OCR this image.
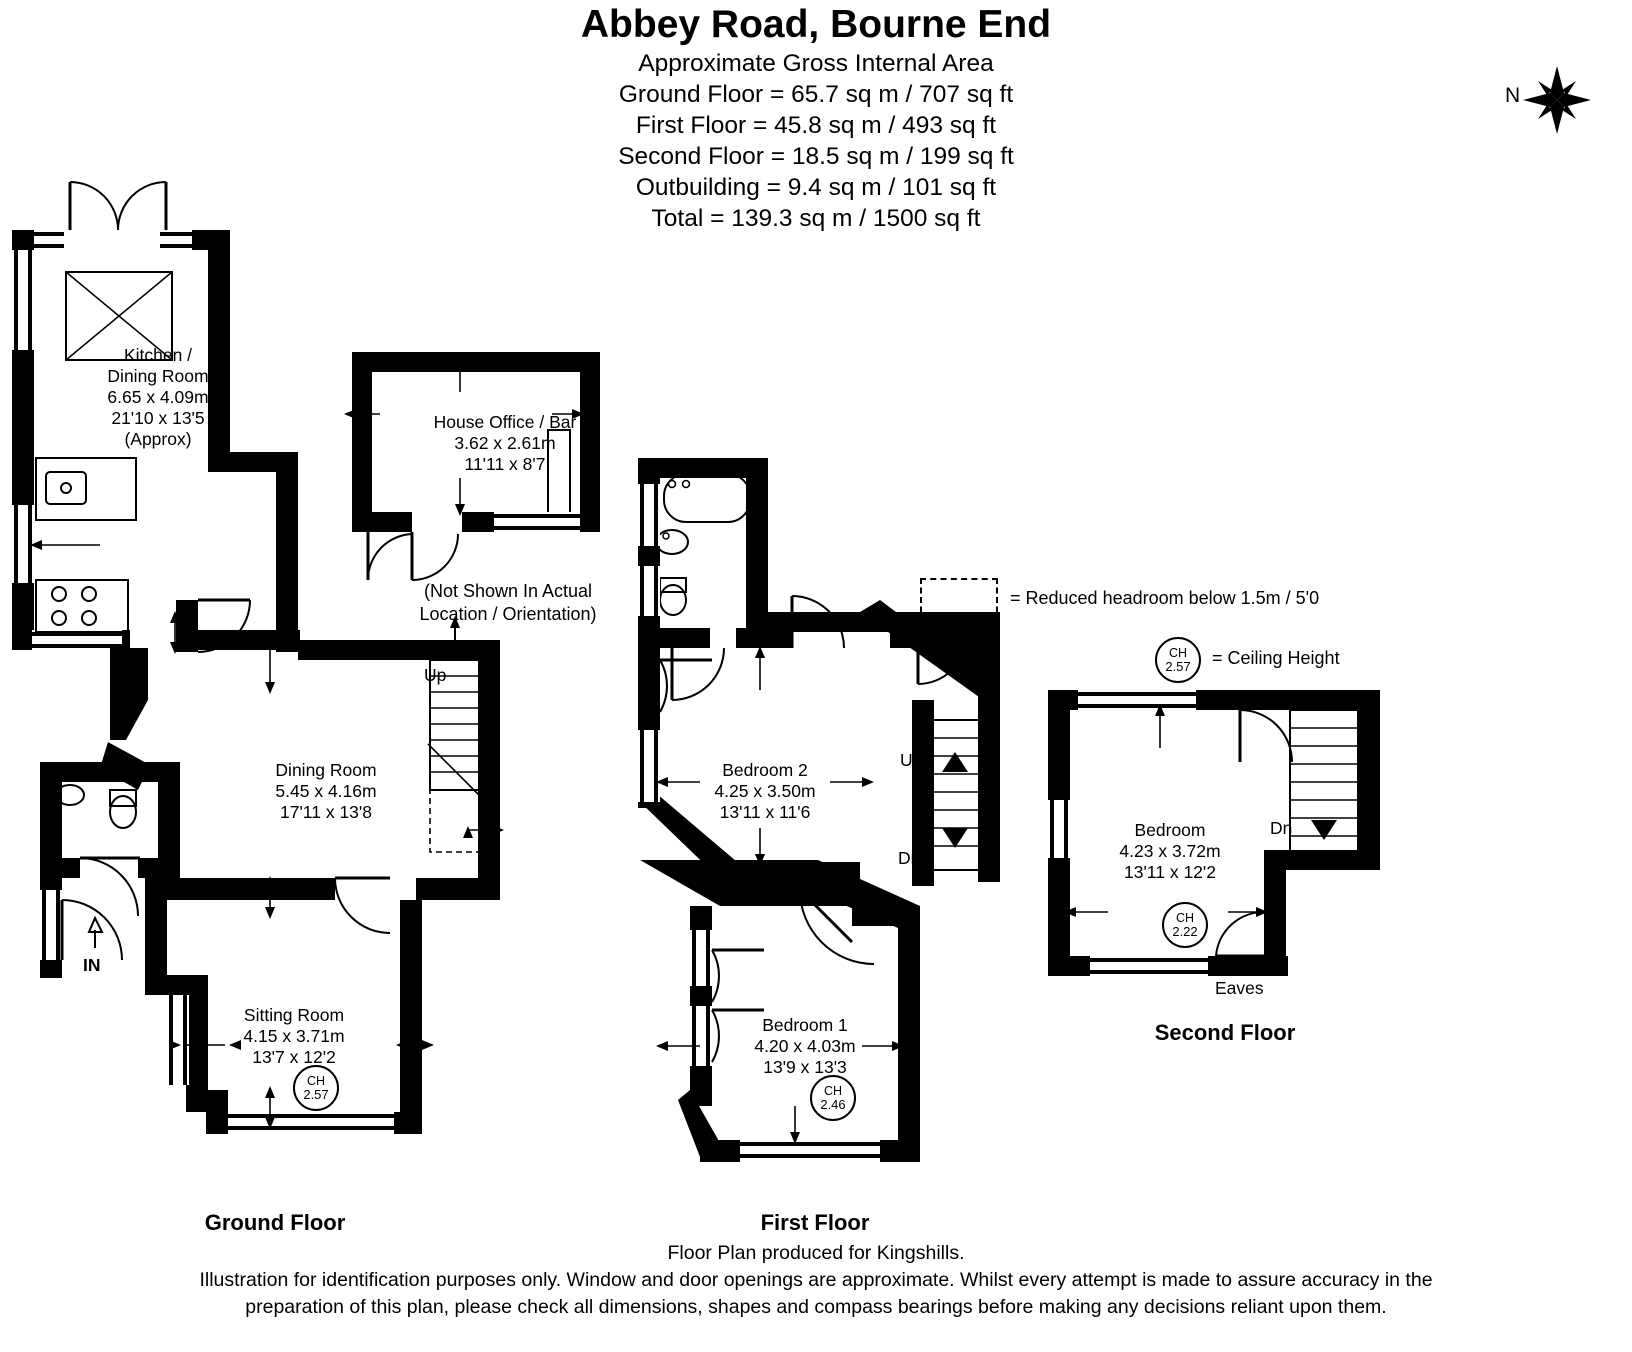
Abbey Road, Bourne End
Approximate Gross Internal Area
Ground Floor = 65.7 sq m / 707 sq ft
First Floor = 45.8 sq m / 493 sq ft
Second Floor = 18.5 sq m / 199 sq ft
Outbuilding = 9.4 sq m / 101 sq ft
Total = 139.3 sq m / 1500 sq ft
N
= Reduced headroom below 1.5m / 5'0
CH
2.57	= Ceiling Height
Kitchen /
Dining Room
6.65 x 4.09m
21'10 x 13'5
(Approx)
Dining Room
5.45 x 4.16m
17'11 x 13'8
Sitting Room
4.15 x 3.71m
13'7 x 12'2
CH
2.57
Up
IN
Ground Floor
House Office / Bar
3.62 x 2.61m
11'11 x 8'7
(Not Shown In Actual
Location / Orientation)
Bedroom 2
4.25 x 3.50m
13'11 x 11'6
Bedroom 1
4.20 x 4.03m
13'9 x 13'3
CH
2.46
Up
Dn
First Floor
Bedroom
4.23 x 3.72m
13'11 x 12'2
CH
2.22
Dn
Eaves
Second Floor
Floor Plan produced for Kingshills.
Illustration for identification purposes only. Window and door openings are approximate. Whilst every attempt is made to assure accuracy in the
preparation of this plan, please check all dimensions, shapes and compass bearings before making any decisions reliant upon them.
